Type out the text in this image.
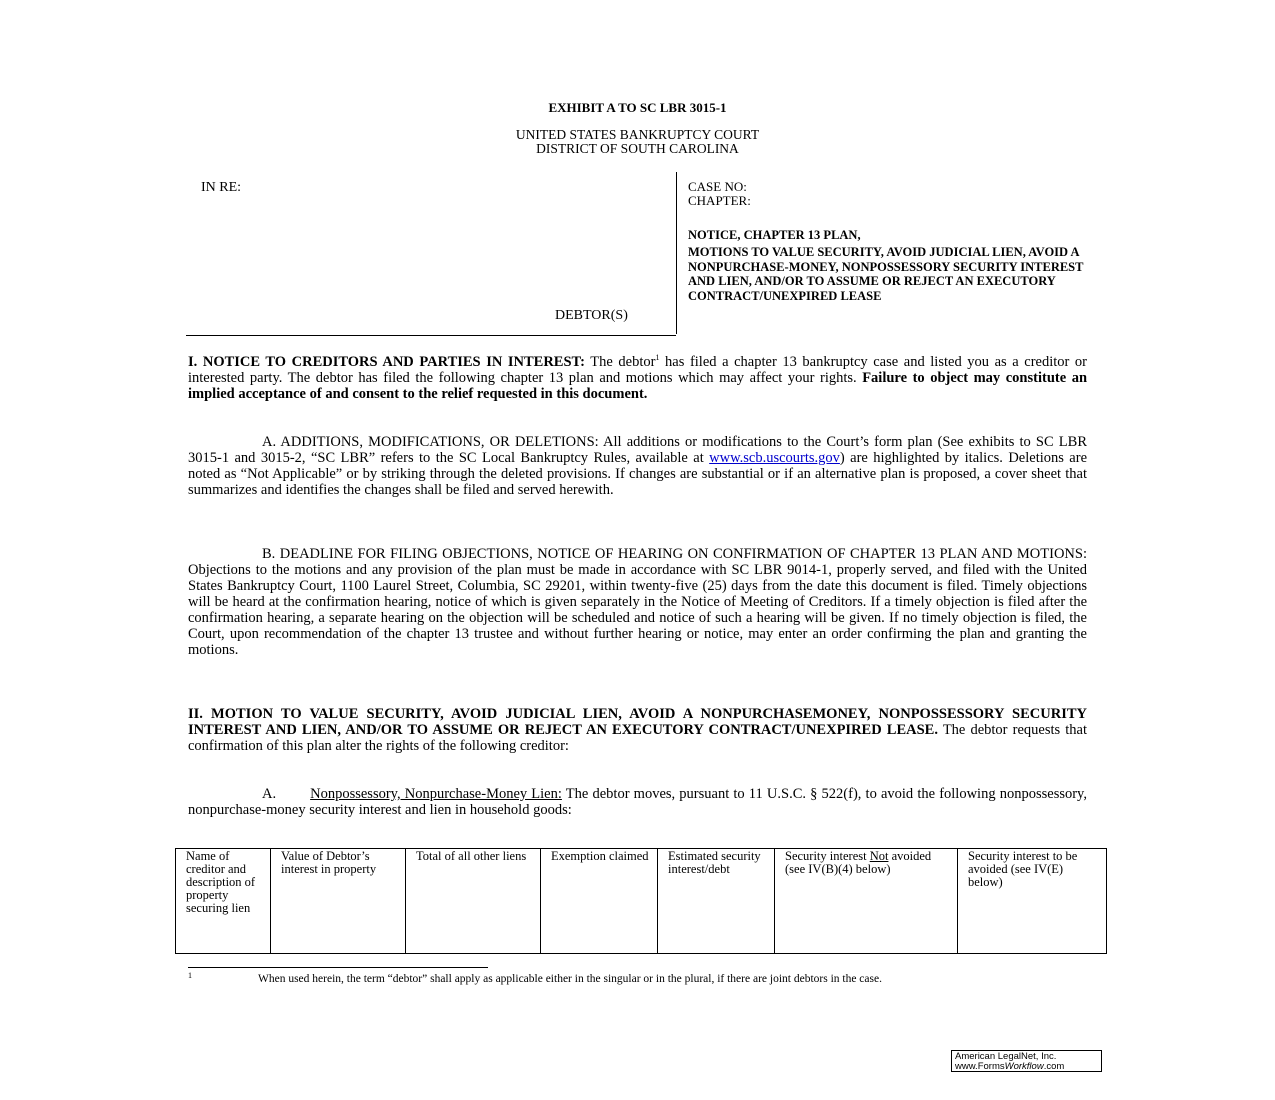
EXHIBIT A TO SC LBR 3015-1
UNITED STATES BANKRUPTCY COURT
DISTRICT OF SOUTH CAROLINA
IN RE:
DEBTOR(S)
CASE NO:
CHAPTER:
NOTICE, CHAPTER 13 PLAN,
MOTIONS TO VALUE SECURITY, AVOID JUDICIAL LIEN, AVOID A NONPURCHASE-MONEY, NONPOSSESSORY SECURITY INTEREST AND LIEN, AND/OR TO ASSUME OR REJECT AN EXECUTORY CONTRACT/UNEXPIRED LEASE
I. NOTICE TO CREDITORS AND PARTIES IN INTEREST: The debtor$^1$ has filed a chapter 13 bankruptcy case and listed you as a creditor or interested party. The debtor has filed the following chapter 13 plan and motions which may affect your rights. Failure to object may constitute an implied acceptance of and consent to the relief requested in this document.
A. ADDITIONS, MODIFICATIONS, OR DELETIONS: All additions or modifications to the Court’s form plan (See exhibits to SC LBR 3015-1 and 3015-2, “SC LBR” refers to the SC Local Bankruptcy Rules, available at www.scb.uscourts.gov) are highlighted by italics. Deletions are noted as “Not Applicable” or by striking through the deleted provisions. If changes are substantial or if an alternative plan is proposed, a cover sheet that summarizes and identifies the changes shall be filed and served herewith.
B. DEADLINE FOR FILING OBJECTIONS, NOTICE OF HEARING ON CONFIRMATION OF CHAPTER 13 PLAN AND MOTIONS: Objections to the motions and any provision of the plan must be made in accordance with SC LBR 9014-1, properly served, and filed with the United States Bankruptcy Court, 1100 Laurel Street, Columbia, SC 29201, within twenty-five (25) days from the date this document is filed. Timely objections will be heard at the confirmation hearing, notice of which is given separately in the Notice of Meeting of Creditors. If a timely objection is filed after the confirmation hearing, a separate hearing on the objection will be scheduled and notice of such a hearing will be given. If no timely objection is filed, the Court, upon recommendation of the chapter 13 trustee and without further hearing or notice, may enter an order confirming the plan and granting the motions.
II. MOTION TO VALUE SECURITY, AVOID JUDICIAL LIEN, AVOID A NONPURCHASEMONEY, NONPOSSESSORY SECURITY INTEREST AND LIEN, AND/OR TO ASSUME OR REJECT AN EXECUTORY CONTRACT/UNEXPIRED LEASE. The debtor requests that confirmation of this plan alter the rights of the following creditor:
A. Nonpossessory, Nonpurchase-Money Lien: The debtor moves, pursuant to 11 U.S.C. § 522(f), to avoid the following nonpossessory, nonpurchase-money security interest and lien in household goods:
Name of creditor and description of property securing lien	Value of Debtor’s interest in property	Total of all other liens	Exemption claimed	Estimated security interest/debt	Security interest Not avoided (see IV(B)(4) below)	Security interest to be avoided (see IV(E) below)
$^1$	When used herein, the term “debtor” shall apply as applicable either in the singular or in the plural, if there are joint debtors in the case.
American LegalNet, Inc.
www.FormsWorkflow.com
